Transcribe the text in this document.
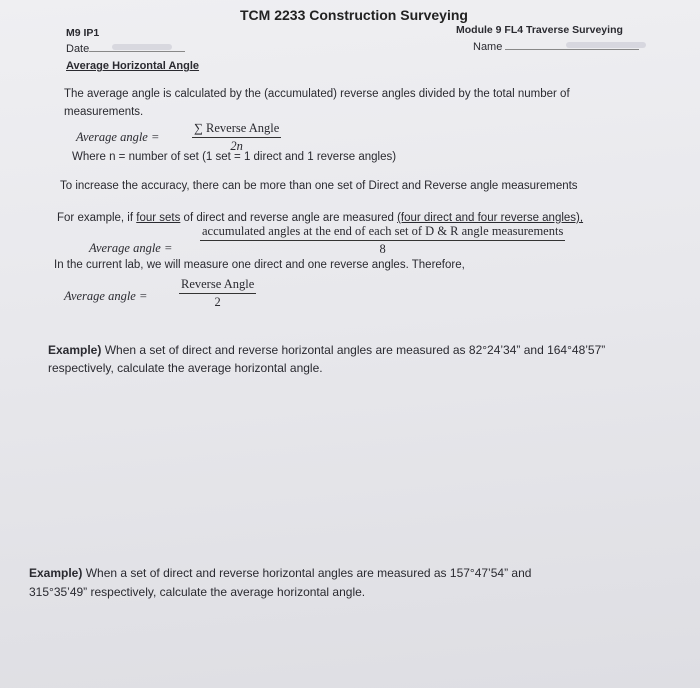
TCM 2233 Construction Surveying
M9 IP1
Date
Module 9 FL4 Traverse Surveying
Name
Average Horizontal Angle
The average angle is calculated by the (accumulated) reverse angles divided by the total number of
measurements.
Average angle =
∑ Reverse Angle
2n
Where n = number of set (1 set = 1 direct and 1 reverse angles)
To increase the accuracy, there can be more than one set of Direct and Reverse angle measurements
For example, if four sets of direct and reverse angle are measured (four direct and four reverse angles),
Average angle =
accumulated angles at the end of each set of D & R angle measurements
8
In the current lab, we will measure one direct and one reverse angles. Therefore,
Average angle =
Reverse Angle
2
Example) When a set of direct and reverse horizontal angles are measured as 82°24’34” and 164°48’57”
respectively, calculate the average horizontal angle.
Example) When a set of direct and reverse horizontal angles are measured as 157°47’54” and
315°35’49” respectively, calculate the average horizontal angle.
